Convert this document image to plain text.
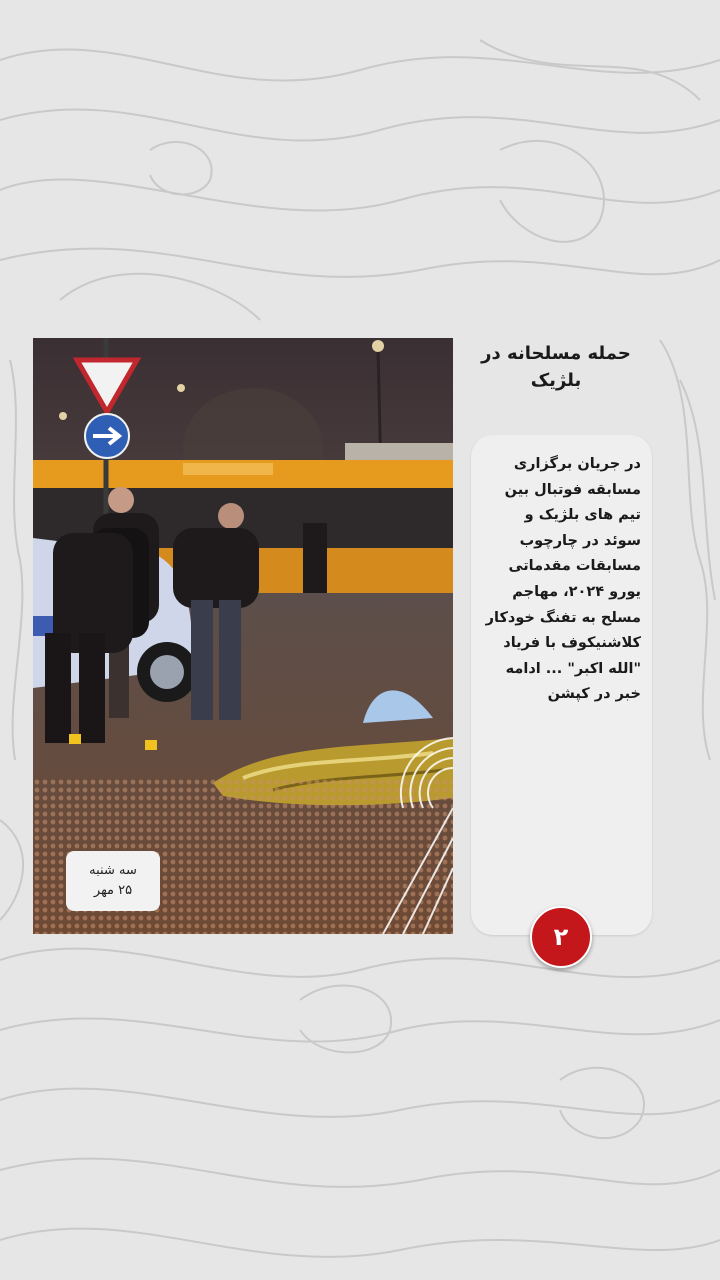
سه شنبه
۲۵ مهر
حمله مسلحانه در بلژیک
در جریان برگزاری مسابقه فوتبال بین تیم های بلژیک و سوئد در چارچوب مسابقات مقدماتی یورو ۲۰۲۴، مهاجم مسلح به تفنگ خودکار کلاشنیکوف با فریاد "الله اکبر" ... ادامه خبر در کپشن
۲
